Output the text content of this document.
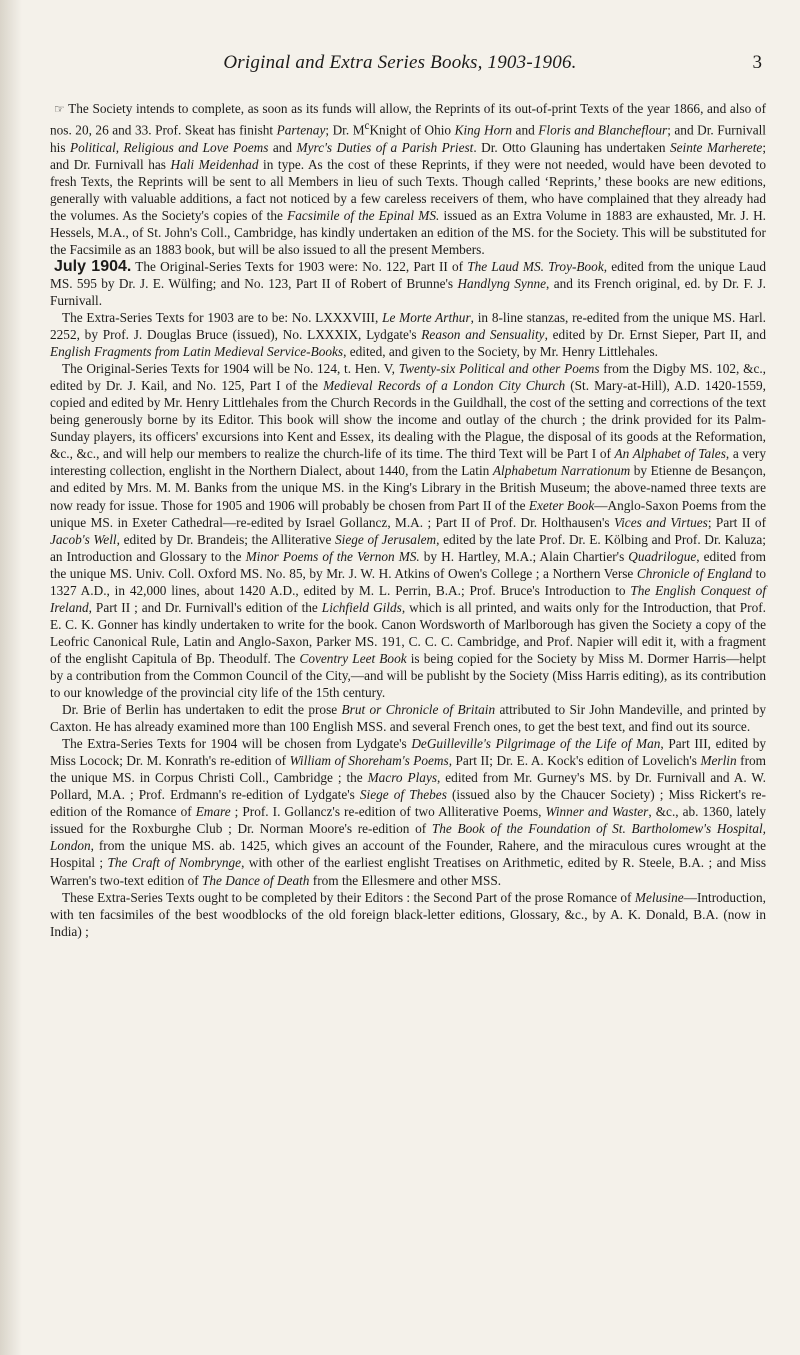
Original and Extra Series Books, 1903-1906.	3

☞ The Society intends to complete, as soon as its funds will allow, the Reprints of its out-of-print Texts of the year 1866, and also of nos. 20, 26 and 33. Prof. Skeat has finisht Partenay; Dr. $M^cKnight$ of Ohio King Horn and Floris and Blancheflour; and Dr. Furnivall his Political, Religious and Love Poems and Myrc's Duties of a Parish Priest. Dr. Otto Glauning has undertaken Seinte Marherete; and Dr. Furnivall has Hali Meidenhad in type. As the cost of these Reprints, if they were not needed, would have been devoted to fresh Texts, the Reprints will be sent to all Members in lieu of such Texts. Though called ‘Reprints,’ these books are new editions, generally with valuable additions, a fact not noticed by a few careless receivers of them, who have complained that they already had the volumes. As the Society's copies of the Facsimile of the Epinal MS. issued as an Extra Volume in 1883 are exhausted, Mr. J. H. Hessels, M.A., of St. John's Coll., Cambridge, has kindly undertaken an edition of the MS. for the Society. This will be substituted for the Facsimile as an 1883 book, but will be also issued to all the present Members.

July 1904. The Original-Series Texts for 1903 were: No. 122, Part II of The Laud MS. Troy-Book, edited from the unique Laud MS. 595 by Dr. J. E. Wülfing; and No. 123, Part II of Robert of Brunne's Handlyng Synne, and its French original, ed. by Dr. F. J. Furnivall.

The Extra-Series Texts for 1903 are to be: No. LXXXVIII, Le Morte Arthur, in 8-line stanzas, re-edited from the unique MS. Harl. 2252, by Prof. J. Douglas Bruce (issued), No. LXXXIX, Lydgate's Reason and Sensuality, edited by Dr. Ernst Sieper, Part II, and English Fragments from Latin Medieval Service-Books, edited, and given to the Society, by Mr. Henry Littlehales.

The Original-Series Texts for 1904 will be No. 124, t. Hen. V, Twenty-six Political and other Poems from the Digby MS. 102, &c., edited by Dr. J. Kail, and No. 125, Part I of the Medieval Records of a London City Church (St. Mary-at-Hill), A.D. 1420-1559, copied and edited by Mr. Henry Littlehales from the Church Records in the Guildhall, the cost of the setting and corrections of the text being generously borne by its Editor. This book will show the income and outlay of the church ; the drink provided for its Palm-Sunday players, its officers' excursions into Kent and Essex, its dealing with the Plague, the disposal of its goods at the Reformation, &c., &c., and will help our members to realize the church-life of its time. The third Text will be Part I of An Alphabet of Tales, a very interesting collection, englisht in the Northern Dialect, about 1440, from the Latin Alphabetum Narrationum by Etienne de Besançon, and edited by Mrs. M. M. Banks from the unique MS. in the King's Library in the British Museum; the above-named three texts are now ready for issue. Those for 1905 and 1906 will probably be chosen from Part II of the Exeter Book—Anglo-Saxon Poems from the unique MS. in Exeter Cathedral—re-edited by Israel Gollancz, M.A. ; Part II of Prof. Dr. Holthausen's Vices and Virtues; Part II of Jacob's Well, edited by Dr. Brandeis; the Alliterative Siege of Jerusalem, edited by the late Prof. Dr. E. Kölbing and Prof. Dr. Kaluza; an Introduction and Glossary to the Minor Poems of the Vernon MS. by H. Hartley, M.A.; Alain Chartier's Quadrilogue, edited from the unique MS. Univ. Coll. Oxford MS. No. 85, by Mr. J. W. H. Atkins of Owen's College ; a Northern Verse Chronicle of England to 1327 A.D., in 42,000 lines, about 1420 A.D., edited by M. L. Perrin, B.A.; Prof. Bruce's Introduction to The English Conquest of Ireland, Part II ; and Dr. Furnivall's edition of the Lichfield Gilds, which is all printed, and waits only for the Introduction, that Prof. E. C. K. Gonner has kindly undertaken to write for the book. Canon Wordsworth of Marlborough has given the Society a copy of the Leofric Canonical Rule, Latin and Anglo-Saxon, Parker MS. 191, C. C. C. Cambridge, and Prof. Napier will edit it, with a fragment of the englisht Capitula of Bp. Theodulf. The Coventry Leet Book is being copied for the Society by Miss M. Dormer Harris—helpt by a contribution from the Common Council of the City,—and will be publisht by the Society (Miss Harris editing), as its contribution to our knowledge of the provincial city life of the 15th century.

Dr. Brie of Berlin has undertaken to edit the prose Brut or Chronicle of Britain attributed to Sir John Mandeville, and printed by Caxton. He has already examined more than 100 English MSS. and several French ones, to get the best text, and find out its source.

The Extra-Series Texts for 1904 will be chosen from Lydgate's DeGuilleville's Pilgrimage of the Life of Man, Part III, edited by Miss Locock; Dr. M. Konrath's re-edition of William of Shoreham's Poems, Part II; Dr. E. A. Kock's edition of Lovelich's Merlin from the unique MS. in Corpus Christi Coll., Cambridge ; the Macro Plays, edited from Mr. Gurney's MS. by Dr. Furnivall and A. W. Pollard, M.A. ; Prof. Erdmann's re-edition of Lydgate's Siege of Thebes (issued also by the Chaucer Society) ; Miss Rickert's re-edition of the Romance of Emare ; Prof. I. Gollancz's re-edition of two Alliterative Poems, Winner and Waster, &c., ab. 1360, lately issued for the Roxburghe Club ; Dr. Norman Moore's re-edition of The Book of the Foundation of St. Bartholomew's Hospital, London, from the unique MS. ab. 1425, which gives an account of the Founder, Rahere, and the miraculous cures wrought at the Hospital ; The Craft of Nombrynge, with other of the earliest englisht Treatises on Arithmetic, edited by R. Steele, B.A. ; and Miss Warren's two-text edition of The Dance of Death from the Ellesmere and other MSS.

These Extra-Series Texts ought to be completed by their Editors : the Second Part of the prose Romance of Melusine—Introduction, with ten facsimiles of the best woodblocks of the old foreign black-letter editions, Glossary, &c., by A. K. Donald, B.A. (now in India) ;
